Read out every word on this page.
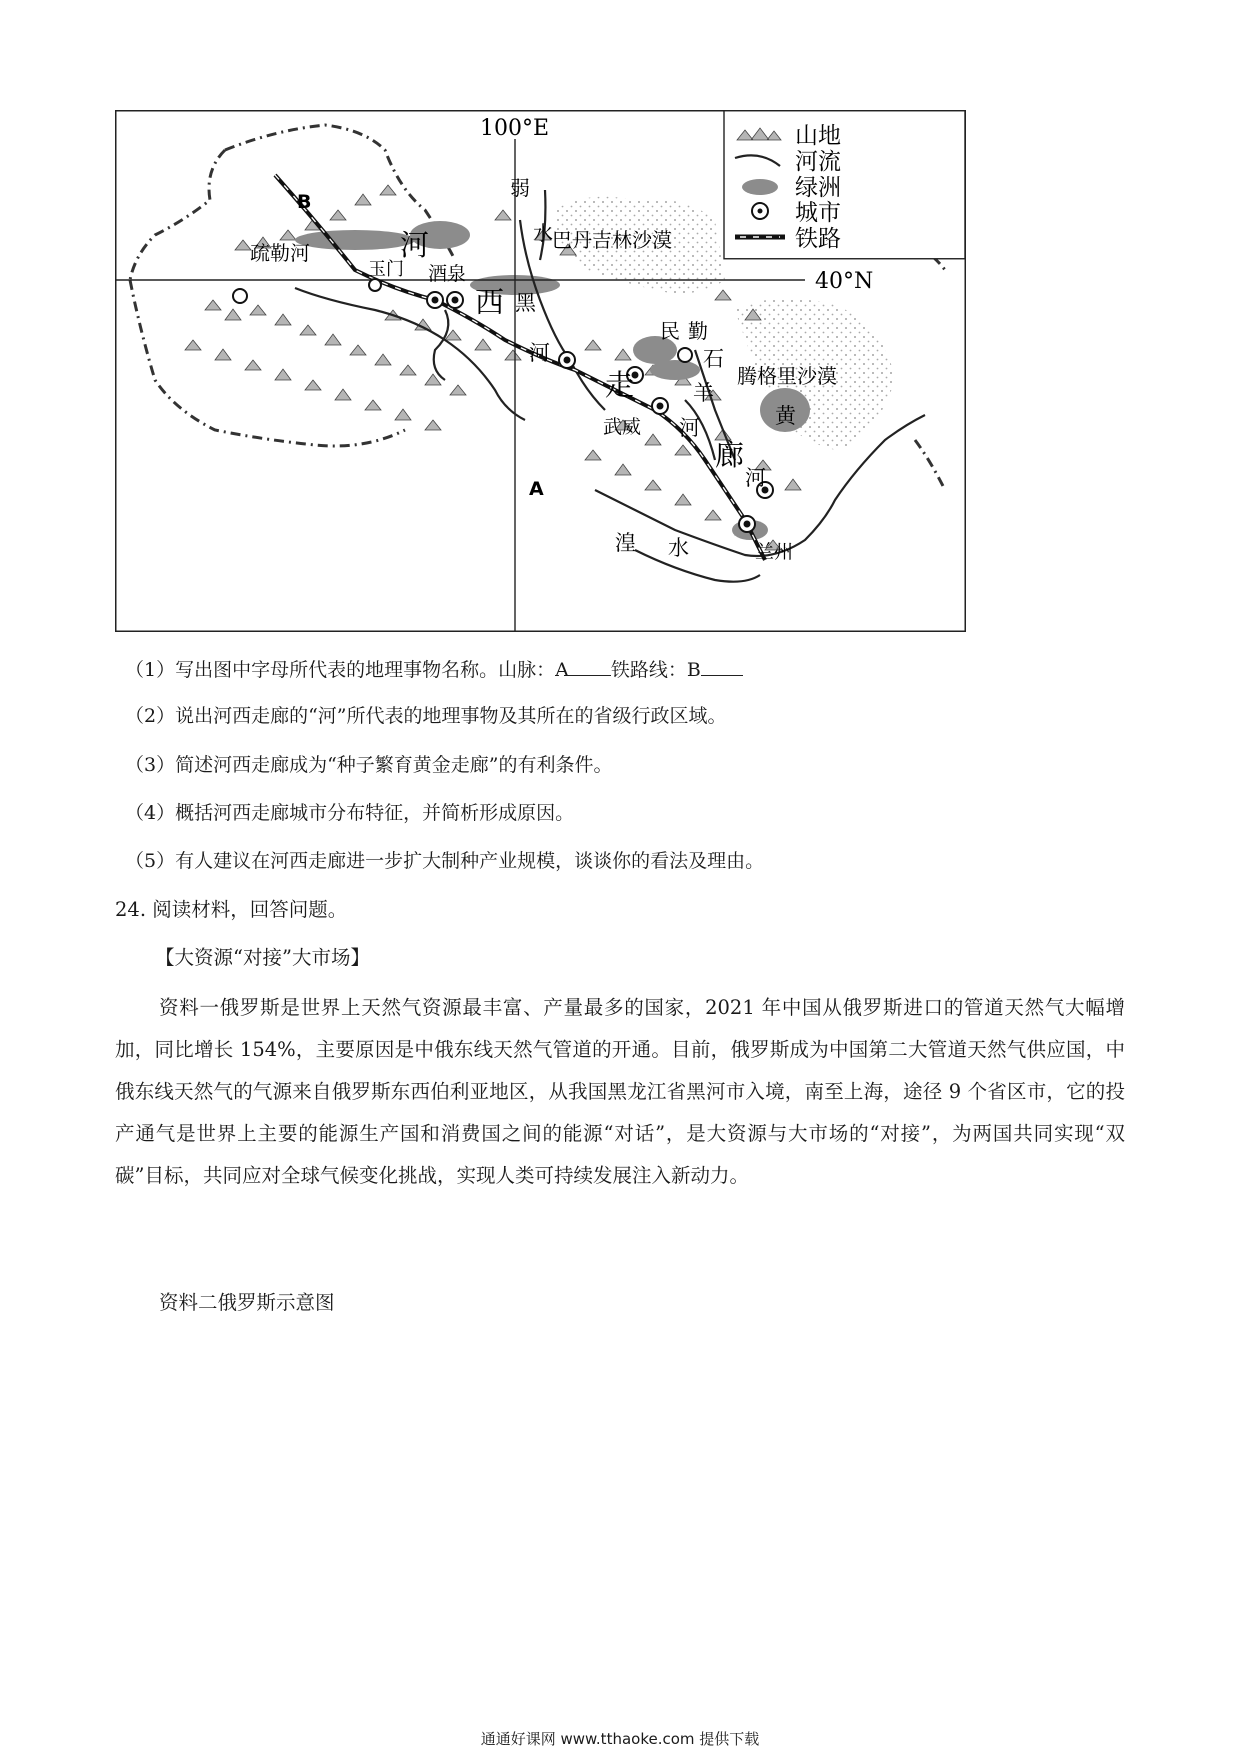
山地
河流
绿洲
城市
铁路
100°E
40°N
B
A
河
西
走
廊
疏勒河
弱
水
黑
河	石
羊
河	黄
河
湟 水
巴丹吉林沙漠
腾格里沙漠
玉门 酒泉
民 勤
武威
兰州
（1）写出图中字母所代表的地理事物名称。山脉：A 铁路线：B
（2）说出河西走廊的“河”所代表的地理事物及其所在的省级行政区域。
（3）简述河西走廊成为“种子繁育黄金走廊”的有利条件。
（4）概括河西走廊城市分布特征，并简析形成原因。
（5）有人建议在河西走廊进一步扩大制种产业规模，谈谈你的看法及理由。
24. 阅读材料，回答问题。
【大资源“对接”大市场】
资料一俄罗斯是世界上天然气资源最丰富、产量最多的国家，2021 年中国从俄罗斯进口的管道天然气大幅增加，同比增长 154%，主要原因是中俄东线天然气管道的开通。目前，俄罗斯成为中国第二大管道天然气供应国，中俄东线天然气的气源来自俄罗斯东西伯利亚地区，从我国黑龙江省黑河市入境，南至上海，途径 9 个省区市，它的投产通气是世界上主要的能源生产国和消费国之间的能源“对话”，是大资源与大市场的“对接”，为两国共同实现“双碳”目标，共同应对全球气候变化挑战，实现人类可持续发展注入新动力。
资料二俄罗斯示意图
通通好课网 www.tthaoke.com 提供下载
